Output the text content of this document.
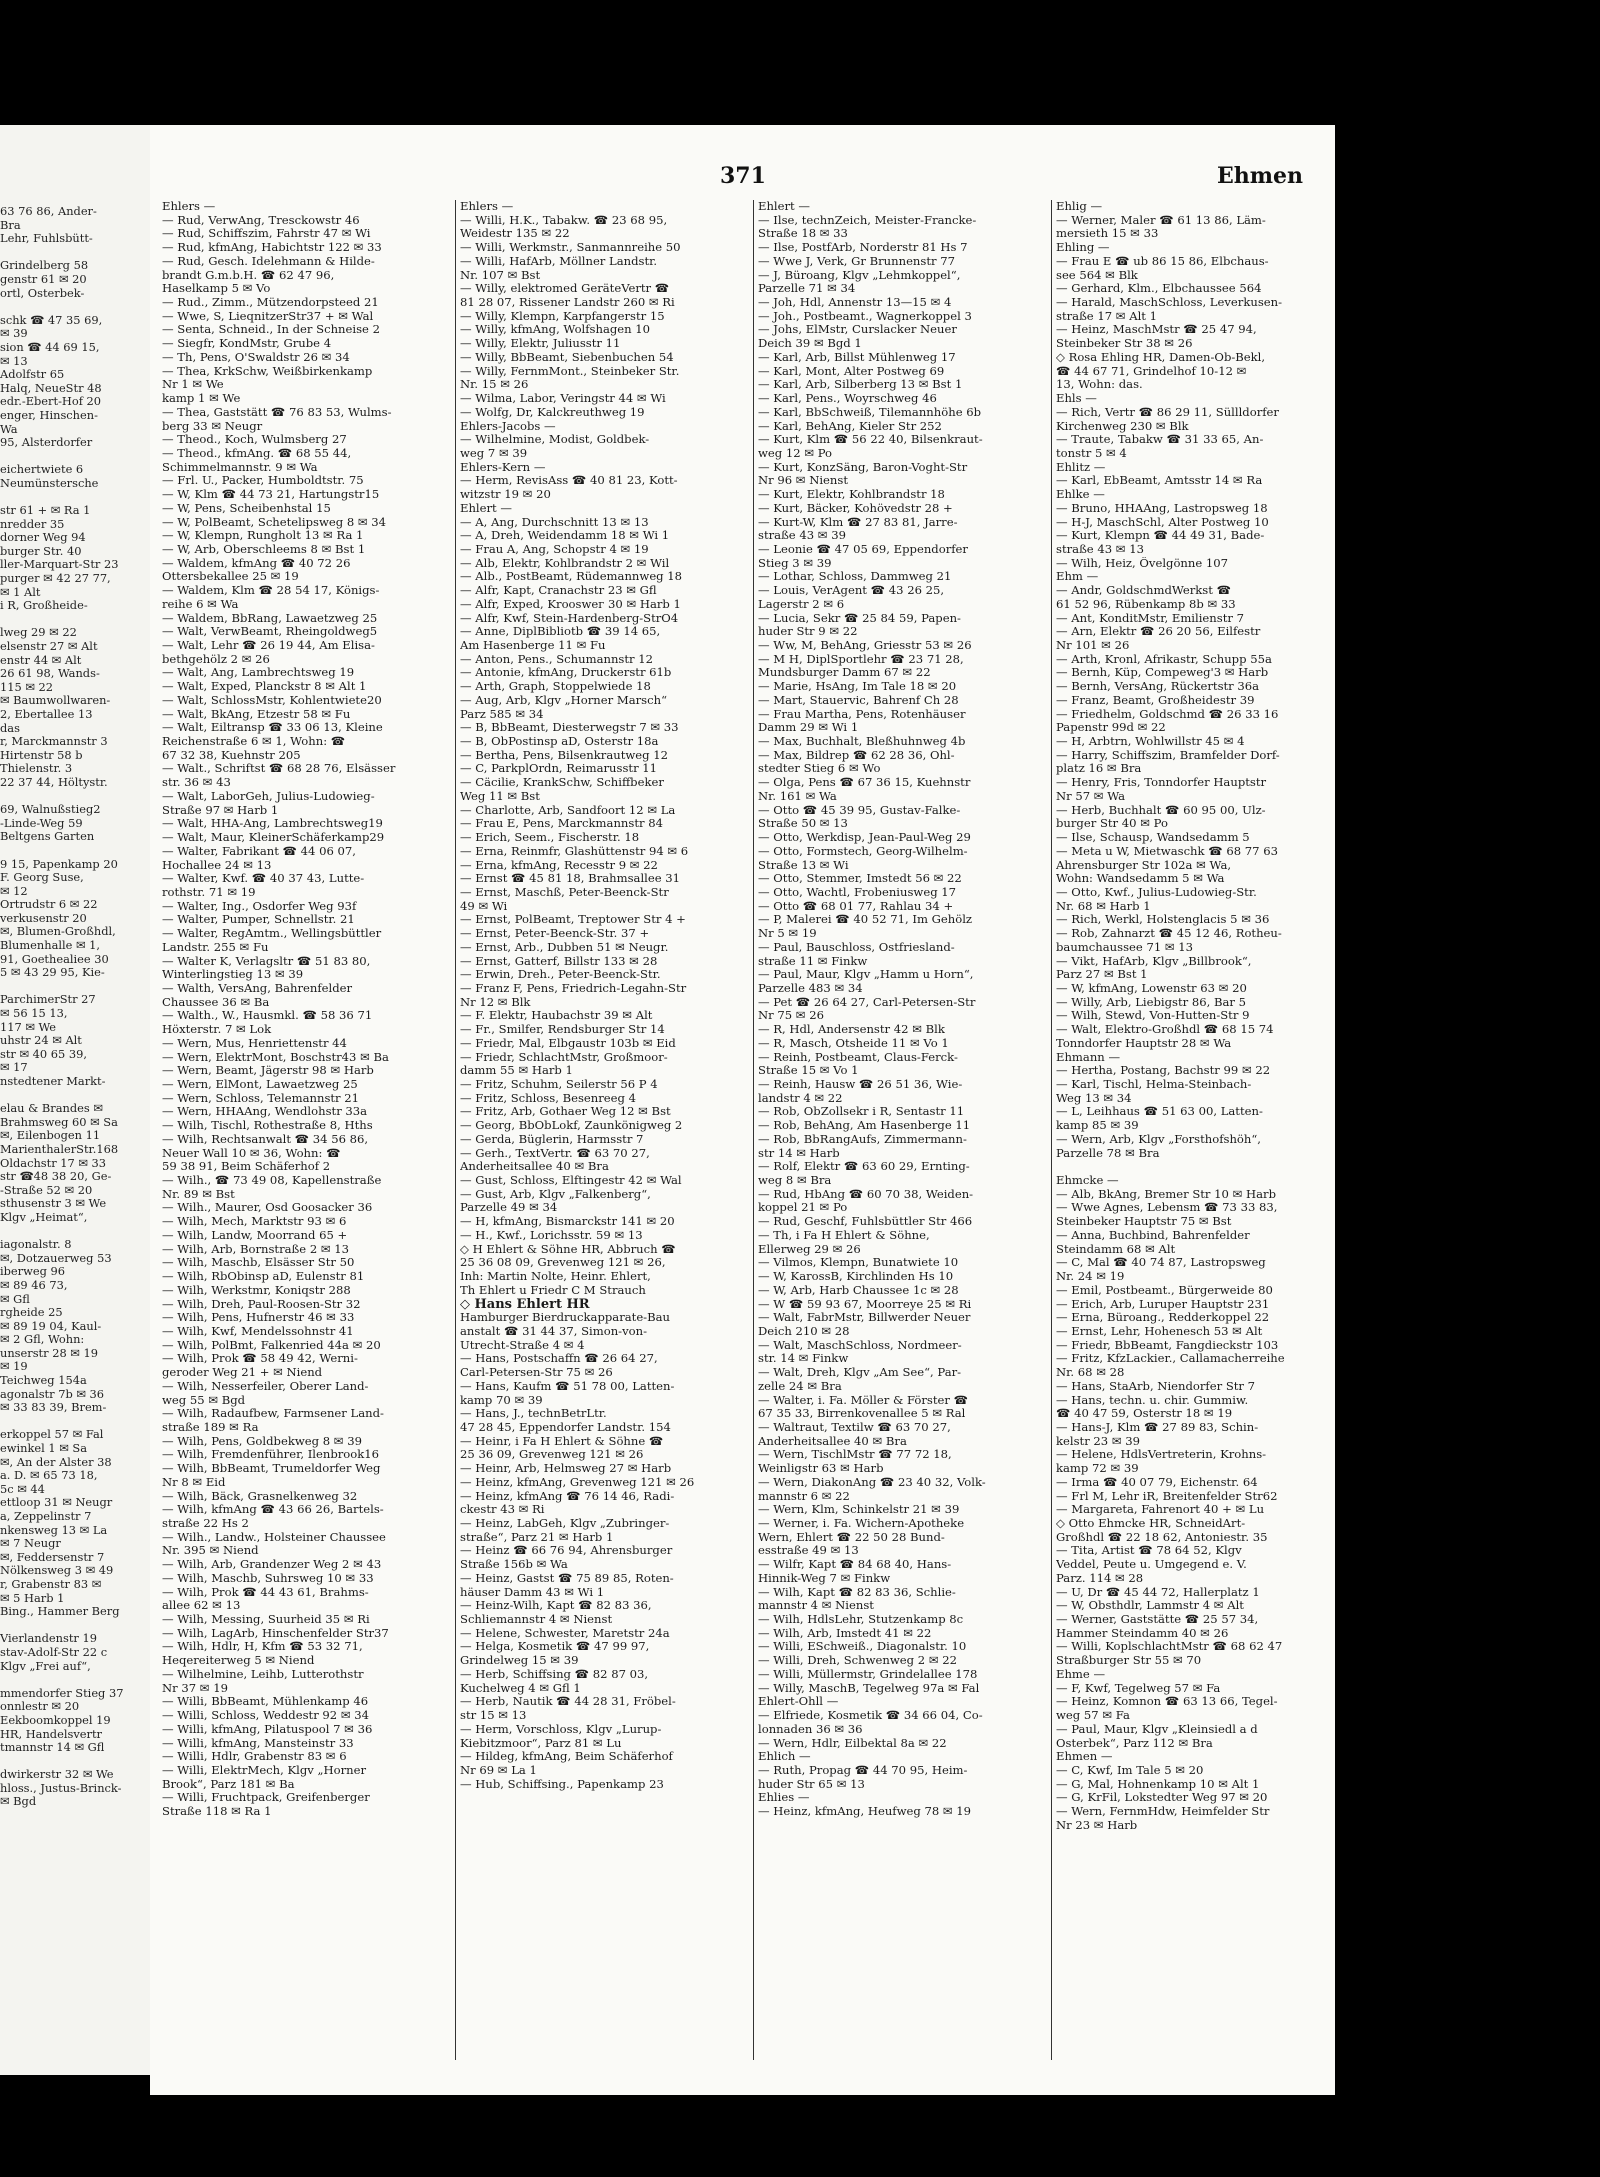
63 76 86, Ander-
Bra
Lehr, Fuhlsbütt-
Grindelberg 58
genstr 61 ✉ 20
ortl, Osterbek-
schk ☎ 47 35 69,
✉ 39
sion ☎ 44 69 15,
✉ 13
Adolfstr 65
Halq, NeueStr 48
edr.-Ebert-Hof 20
enger, Hinschen-
Wa
95, Alsterdorfer
eichertwiete 6
Neumünstersche
str 61 + ✉ Ra 1
nredder 35
dorner Weg 94
burger Str. 40
ller-Marquart-Str 23
purger ✉ 42 27 77,
✉ 1 Alt
i R, Großheide-
lweg 29 ✉ 22
elsenstr 27 ✉ Alt
enstr 44 ✉ Alt
26 61 98, Wands-
115 ✉ 22
✉ Baumwollwaren-
2, Ebertallee 13
das
r, Marckmannstr 3
Hirtenstr 58 b
Thielenstr. 3
22 37 44, Höltystr.
69, Walnußstieg2
-Linde-Weg 59
Beltgens Garten
9 15, Papenkamp 20
F. Georg Suse,
✉ 12
Ortrudstr 6 ✉ 22
verkusenstr 20
✉, Blumen-Großhdl,
Blumenhalle ✉ 1,
91, Goethealiee 30
5 ✉ 43 29 95, Kie-
ParchimerStr 27
✉ 56 15 13,
117 ✉ We
uhstr 24 ✉ Alt
str ✉ 40 65 39,
✉ 17
nstedtener Markt-
elau & Brandes ✉
Brahmsweg 60 ✉ Sa
✉, Eilenbogen 11
MarienthalerStr.168
Oldachstr 17 ✉ 33
str ☎48 38 20, Ge-
-Straße 52 ✉ 20
sthusenstr 3 ✉ We
Klgv „Heimat“,
iagonalstr. 8
✉, Dotzauerweg 53
iberweg 96
✉ 89 46 73,
✉ Gfl
rgheide 25
✉ 89 19 04, Kaul-
✉ 2 Gfl, Wohn:
unserstr 28 ✉ 19
✉ 19
Teichweg 154a
agonalstr 7b ✉ 36
✉ 33 83 39, Brem-
erkoppel 57 ✉ Fal
ewinkel 1 ✉ Sa
✉, An der Alster 38
a. D. ✉ 65 73 18,
5c ✉ 44
ettloop 31 ✉ Neugr
a, Zeppelinstr 7
nkensweg 13 ✉ La
✉ 7 Neugr
✉, Feddersenstr 7
Nölkensweg 3 ✉ 49
r, Grabenstr 83 ✉
✉ 5 Harb 1
Bing., Hammer Berg
Vierlandenstr 19
stav-Adolf-Str 22 c
Klgv „Frei auf“,
mmendorfer Stieg 37
onnlestr ✉ 20
Eekboomkoppel 19
HR, Handelsvertr
tmannstr 14 ✉ Gfl
dwirkerstr 32 ✉ We
hloss., Justus-Brinck-
✉ Bgd
371	Ehmen
Ehlers —
— Rud, VerwAng, Tresckowstr 46
— Rud, Schiffszim, Fahrstr 47 ✉ Wi
— Rud, kfmAng, Habichtstr 122 ✉ 33
— Rud, Gesch. Idelehmann & Hilde-
brandt G.m.b.H. ☎ 62 47 96,
Haselkamp 5 ✉ Vo
— Rud., Zimm., Mützendorpsteed 21
— Wwe, S, LieqnitzerStr37 + ✉ Wal
— Senta, Schneid., In der Schneise 2
— Siegfr, KondMstr, Grube 4
— Th, Pens, O'Swaldstr 26 ✉ 34
— Thea, KrkSchw, Weißbirkenkamp
Nr 1 ✉ We
kamp 1 ✉ We
— Thea, Gaststätt ☎ 76 83 53, Wulms-
berg 33 ✉ Neugr
— Theod., Koch, Wulmsberg 27
— Theod., kfmAng. ☎ 68 55 44,
Schimmelmannstr. 9 ✉ Wa
— Frl. U., Packer, Humboldtstr. 75
— W, Klm ☎ 44 73 21, Hartungstr15
— W, Pens, Scheibenhstal 15
— W, PolBeamt, Schetelipsweg 8 ✉ 34
— W, Klempn, Rungholt 13 ✉ Ra 1
— W, Arb, Oberschleems 8 ✉ Bst 1
— Waldem, kfmAng ☎ 40 72 26
Ottersbekallee 25 ✉ 19
— Waldem, Klm ☎ 28 54 17, Königs-
reihe 6 ✉ Wa
— Waldem, BbRang, Lawaetzweg 25
— Walt, VerwBeamt, Rheingoldweg5
— Walt, Lehr ☎ 26 19 44, Am Elisa-
bethgehölz 2 ✉ 26
— Walt, Ang, Lambrechtsweg 19
— Walt, Exped, Planckstr 8 ✉ Alt 1
— Walt, SchlossMstr, Kohlentwiete20
— Walt, BkAng, Etzestr 58 ✉ Fu
— Walt, Eiltransp ☎ 33 06 13, Kleine
Reichenstraße 6 ✉ 1, Wohn: ☎
67 32 38, Kuehnstr 205
— Walt., Schriftst ☎ 68 28 76, Elsässer
str. 36 ✉ 43
— Walt, LaborGeh, Julius-Ludowieg-
Straße 97 ✉ Harb 1
— Walt, HHA-Ang, Lambrechtsweg19
— Walt, Maur, KleinerSchäferkamp29
— Walter, Fabrikant ☎ 44 06 07,
Hochallee 24 ✉ 13
— Walter, Kwf. ☎ 40 37 43, Lutte-
rothstr. 71 ✉ 19
— Walter, Ing., Osdorfer Weg 93f
— Walter, Pumper, Schnellstr. 21
— Walter, RegAmtm., Wellingsbüttler
Landstr. 255 ✉ Fu
— Walter K, Verlagsltr ☎ 51 83 80,
Winterlingstieg 13 ✉ 39
— Walth, VersAng, Bahrenfelder
Chaussee 36 ✉ Ba
— Walth., W., Hausmkl. ☎ 58 36 71
Höxterstr. 7 ✉ Lok
— Wern, Mus, Henriettenstr 44
— Wern, ElektrMont, Boschstr43 ✉ Ba
— Wern, Beamt, Jägerstr 98 ✉ Harb
— Wern, ElMont, Lawaetzweg 25
— Wern, Schloss, Telemannstr 21
— Wern, HHAAng, Wendlohstr 33a
— Wilh, Tischl, Rothestraße 8, Hths
— Wilh, Rechtsanwalt ☎ 34 56 86,
Neuer Wall 10 ✉ 36, Wohn: ☎
59 38 91, Beim Schäferhof 2
— Wilh., ☎ 73 49 08, Kapellenstraße
Nr. 89 ✉ Bst
— Wilh., Maurer, Osd Goosacker 36
— Wilh, Mech, Marktstr 93 ✉ 6
— Wilh, Landw, Moorrand 65 +
— Wilh, Arb, Bornstraße 2 ✉ 13
— Wilh, Maschb, Elsässer Str 50
— Wilh, RbObinsp aD, Eulenstr 81
— Wilh, Werkstmr, Koniqstr 288
— Wilh, Dreh, Paul-Roosen-Str 32
— Wilh, Pens, Hufnerstr 46 ✉ 33
— Wilh, Kwf, Mendelssohnstr 41
— Wilh, PolBmt, Falkenried 44a ✉ 20
— Wilh, Prok ☎ 58 49 42, Werni-
geroder Weg 21 + ✉ Niend
— Wilh, Nesserfeiler, Oberer Land-
weg 55 ✉ Bgd
— Wilh, Radaufbew, Farmsener Land-
straße 189 ✉ Ra
— Wilh, Pens, Goldbekweg 8 ✉ 39
— Wilh, Fremdenführer, Ilenbrook16
— Wilh, BbBeamt, Trumeldorfer Weg
Nr 8 ✉ Eid
— Wilh, Bäck, Grasnelkenweg 32
— Wilh, kfmAng ☎ 43 66 26, Bartels-
straße 22 Hs 2
— Wilh., Landw., Holsteiner Chaussee
Nr. 395 ✉ Niend
— Wilh, Arb, Grandenzer Weg 2 ✉ 43
— Wilh, Maschb, Suhrsweg 10 ✉ 33
— Wilh, Prok ☎ 44 43 61, Brahms-
allee 62 ✉ 13
— Wilh, Messing, Suurheid 35 ✉ Ri
— Wilh, LagArb, Hinschenfelder Str37
— Wilh, Hdlr, H, Kfm ☎ 53 32 71,
Heqereiterweg 5 ✉ Niend
— Wilhelmine, Leihb, Lutterothstr
Nr 37 ✉ 19
— Willi, BbBeamt, Mühlenkamp 46
— Willi, Schloss, Weddestr 92 ✉ 34
— Willi, kfmAng, Pilatuspool 7 ✉ 36
— Willi, kfmAng, Mansteinstr 33
— Willi, Hdlr, Grabenstr 83 ✉ 6
— Willi, ElektrMech, Klgv „Horner
Brook“, Parz 181 ✉ Ba
— Willi, Fruchtpack, Greifenberger
Straße 118 ✉ Ra 1
Ehlers —
— Willi, H.K., Tabakw. ☎ 23 68 95,
Weidestr 135 ✉ 22
— Willi, Werkmstr., Sanmannreihe 50
— Willi, HafArb, Möllner Landstr.
Nr. 107 ✉ Bst
— Willy, elektromed GeräteVertr ☎
81 28 07, Rissener Landstr 260 ✉ Ri
— Willy, Klempn, Karpfangerstr 15
— Willy, kfmAng, Wolfshagen 10
— Willy, Elektr, Juliusstr 11
— Willy, BbBeamt, Siebenbuchen 54
— Willy, FernmMont., Steinbeker Str.
Nr. 15 ✉ 26
— Wilma, Labor, Veringstr 44 ✉ Wi
— Wolfg, Dr, Kalckreuthweg 19
Ehlers-Jacobs —
— Wilhelmine, Modist, Goldbek-
weg 7 ✉ 39
Ehlers-Kern —
— Herm, RevisAss ☎ 40 81 23, Kott-
witzstr 19 ✉ 20
Ehlert —
— A, Ang, Durchschnitt 13 ✉ 13
— A, Dreh, Weidendamm 18 ✉ Wi 1
— Frau A, Ang, Schopstr 4 ✉ 19
— Alb, Elektr, Kohlbrandstr 2 ✉ Wil
— Alb., PostBeamt, Rüdemannweg 18
— Alfr, Kapt, Cranachstr 23 ✉ Gfl
— Alfr, Exped, Krooswег 30 ✉ Harb 1
— Alfr, Kwf, Stein-Hardenberg-StrO4
— Anne, DiplBibliotb ☎ 39 14 65,
Am Hasenberge 11 ✉ Fu
— Anton, Pens., Schumannstr 12
— Antonie, kfmAng, Druckerstr 61b
— Arth, Graph, Stoppelwiede 18
— Aug, Arb, Klgv „Horner Marsch“
Parz 585 ✉ 34
— B, BbBeamt, Diesterwegstr 7 ✉ 33
— B, ObPostinsp aD, Osterstr 18a
— Bertha, Pens, Bilsenkrautweg 12
— C, ParkplOrdn, Reimarusstr 11
— Cäcilie, KrankSchw, Schiffbeker
Weg 11 ✉ Bst
— Charlotte, Arb, Sandfoort 12 ✉ La
— Frau E, Pens, Marckmannstr 84
— Erich, Seem., Fischerstr. 18
— Erna, Reinmfr, Glashüttenstr 94 ✉ 6
— Erna, kfmAng, Recesstr 9 ✉ 22
— Ernst ☎ 45 81 18, Brahmsallee 31
— Ernst, Maschß, Peter-Beenck-Str
49 ✉ Wi
— Ernst, PolBeamt, Treptower Str 4 +
— Ernst, Peter-Beenck-Str. 37 +
— Ernst, Arb., Dubben 51 ✉ Neugr.
— Ernst, Gatterf, Billstr 133 ✉ 28
— Erwin, Dreh., Peter-Beenck-Str.
— Franz F, Pens, Friedrich-Legahn-Str
Nr 12 ✉ Blk
— F. Elektr, Haubachstr 39 ✉ Alt
— Fr., Smilfer, Rendsburger Str 14
— Friedr, Mal, Elbgaustr 103b ✉ Eid
— Friedr, SchlachtMstr, Großmoor-
damm 55 ✉ Harb 1
— Fritz, Schuhm, Seilerstr 56 P 4
— Fritz, Schloss, Besenreeg 4
— Fritz, Arb, Gothaer Weg 12 ✉ Bst
— Georg, BbObLokf, Zaunkönigweg 2
— Gerda, Büglerin, Harmsstr 7
— Gerh., TextVertr. ☎ 63 70 27,
Anderheitsallee 40 ✉ Bra
— Gust, Schloss, Elftingestr 42 ✉ Wal
— Gust, Arb, Klgv „Falkenberg“,
Parzelle 49 ✉ 34
— H, kfmAng, Bismarckstr 141 ✉ 20
— H., Kwf., Lorichsstr. 59 ✉ 13
◇ H Ehlert & Söhne HR, Abbruch ☎
25 36 08 09, Grevenweg 121 ✉ 26,
Inh: Martin Nolte, Heinr. Ehlert,
Th Ehlert u Friedr C M Strauch
◇ Hans Ehlert HR
Hamburger Bierdruckapparate-Bau
anstalt ☎ 31 44 37, Simon-von-
Utrecht-Straße 4 ✉ 4
— Hans, Postschaffn ☎ 26 64 27,
Carl-Petersen-Str 75 ✉ 26
— Hans, Kaufm ☎ 51 78 00, Latten-
kamp 70 ✉ 39
— Hans, J., technBetrLtr.
47 28 45, Eppendorfer Landstr. 154
— Heinr, i Fa H Ehlert & Söhne ☎
25 36 09, Grevenweg 121 ✉ 26
— Heinr, Arb, Helmsweg 27 ✉ Harb
— Heinz, kfmAng, Grevenweg 121 ✉ 26
— Heinz, kfmAng ☎ 76 14 46, Radi-
ckestr 43 ✉ Ri
— Heinz, LabGeh, Klgv „Zubringer-
straße“, Parz 21 ✉ Harb 1
— Heinz ☎ 66 76 94, Ahrensburger
Straße 156b ✉ Wa
— Heinz, Gastst ☎ 75 89 85, Roten-
häuser Damm 43 ✉ Wi 1
— Heinz-Wilh, Kapt ☎ 82 83 36,
Schliemannstr 4 ✉ Nienst
— Helene, Schwester, Maretstr 24a
— Helga, Kosmetik ☎ 47 99 97,
Grindelweg 15 ✉ 39
— Herb, Schiffsing ☎ 82 87 03,
Kuchelweg 4 ✉ Gfl 1
— Herb, Nautik ☎ 44 28 31, Fröbel-
str 15 ✉ 13
— Herm, Vorschloss, Klgv „Lurup-
Kiebitzmoor“, Parz 81 ✉ Lu
— Hildeg, kfmAng, Beim Schäferhof
Nr 69 ✉ La 1
— Hub, Schiffsing., Papenkamp 23
Ehlert —
— Ilse, technZeich, Meister-Francke-
Straße 18 ✉ 33
— Ilse, PostfArb, Norderstr 81 Hs 7
— Wwe J, Verk, Gr Brunnenstr 77
— J, Büroang, Klgv „Lehmkoppel“,
Parzelle 71 ✉ 34
— Joh, Hdl, Annenstr 13—15 ✉ 4
— Joh., Postbeamt., Wagnerkoppel 3
— Johs, ElMstr, Curslacker Neuer
Deich 39 ✉ Bgd 1
— Karl, Arb, Billst Mühlenweg 17
— Karl, Mont, Alter Postweg 69
— Karl, Arb, Silberberg 13 ✉ Bst 1
— Karl, Pens., Woyrschweg 46
— Karl, BbSchweiß, Tilemannhöhe 6b
— Karl, BehAng, Kieler Str 252
— Kurt, Klm ☎ 56 22 40, Bilsenkraut-
weg 12 ✉ Po
— Kurt, KonzSäng, Baron-Voght-Str
Nr 96 ✉ Nienst
— Kurt, Elektr, Kohlbrandstr 18
— Kurt, Bäcker, Kohövedstr 28 +
— Kurt-W, Klm ☎ 27 83 81, Jarre-
straße 43 ✉ 39
— Leonie ☎ 47 05 69, Eppendorfer
Stieg 3 ✉ 39
— Lothar, Schloss, Dammweg 21
— Louis, VerAgent ☎ 43 26 25,
Lagerstr 2 ✉ 6
— Lucia, Sekr ☎ 25 84 59, Papen-
huder Str 9 ✉ 22
— Ww, M, BehAng, Griesstr 53 ✉ 26
— M H, DiplSportlehr ☎ 23 71 28,
Mundsburger Damm 67 ✉ 22
— Marie, HsAng, Im Tale 18 ✉ 20
— Mart, Stauervic, Bahrenf Ch 28
— Frau Martha, Pens, Rotenhäuser
Damm 29 ✉ Wi 1
— Max, Buchhalt, Bleßhuhnweg 4b
— Max, Bildrep ☎ 62 28 36, Ohl-
stedter Stieg 6 ✉ Wo
— Olga, Pens ☎ 67 36 15, Kuehnstr
Nr. 161 ✉ Wa
— Otto ☎ 45 39 95, Gustav-Falke-
Straße 50 ✉ 13
— Otto, Werkdisp, Jean-Paul-Weg 29
— Otto, Formstech, Georg-Wilhelm-
Straße 13 ✉ Wi
— Otto, Stemmer, Imstedt 56 ✉ 22
— Otto, Wachtl, Frobeniusweg 17
— Otto ☎ 68 01 77, Rahlau 34 +
— P, Malerei ☎ 40 52 71, Im Gehölz
Nr 5 ✉ 19
— Paul, Bauschloss, Ostfriesland-
straße 11 ✉ Finkw
— Paul, Maur, Klgv „Hamm u Horn“,
Parzelle 483 ✉ 34
— Pet ☎ 26 64 27, Carl-Petersen-Str
Nr 75 ✉ 26
— R, Hdl, Andersenstr 42 ✉ Blk
— R, Masch, Otsheide 11 ✉ Vo 1
— Reinh, Postbeamt, Claus-Ferck-
Straße 15 ✉ Vo 1
— Reinh, Hausw ☎ 26 51 36, Wie-
landstr 4 ✉ 22
— Rob, ObZollsekr i R, Sentastr 11
— Rob, BehAng, Am Hasenberge 11
— Rob, BbRangAufs, Zimmermann-
str 14 ✉ Harb
— Rolf, Elektr ☎ 63 60 29, Ernting-
weg 8 ✉ Bra
— Rud, HbAng ☎ 60 70 38, Weiden-
koppel 21 ✉ Po
— Rud, Geschf, Fuhlsbüttler Str 466
— Th, i Fa H Ehlert & Söhne,
Ellerweg 29 ✉ 26
— Vilmos, Klempn, Bunatwiete 10
— W, KarossB, Kirchlinden Hs 10
— W, Arb, Harb Chaussee 1c ✉ 28
— W ☎ 59 93 67, Moorreye 25 ✉ Ri
— Walt, FabrMstr, Billwerder Neuer
Deich 210 ✉ 28
— Walt, MaschSchloss, Nordmeer-
str. 14 ✉ Finkw
— Walt, Dreh, Klgv „Am See“, Par-
zelle 24 ✉ Bra
— Walter, i. Fa. Möller & Förster ☎
67 35 33, Birrenkovenallee 5 ✉ Ral
— Waltraut, Textilw ☎ 63 70 27,
Anderheitsallee 40 ✉ Bra
— Wern, TischlMstr ☎ 77 72 18,
Weinligstr 63 ✉ Harb
— Wern, DiakonAng ☎ 23 40 32, Volk-
mannstr 6 ✉ 22
— Wern, Klm, Schinkelstr 21 ✉ 39
— Werner, i. Fa. Wichern-Apotheke
Wern, Ehlert ☎ 22 50 28 Bund-
esstraße 49 ✉ 13
— Wilfr, Kapt ☎ 84 68 40, Hans-
Hinnik-Weg 7 ✉ Finkw
— Wilh, Kapt ☎ 82 83 36, Schlie-
mannstr 4 ✉ Nienst
— Wilh, HdlsLehr, Stutzenkamp 8c
— Wilh, Arb, Imstedt 41 ✉ 22
— Willi, ESchweiß., Diagonalstr. 10
— Willi, Dreh, Schwenweg 2 ✉ 22
— Willi, Müllermstr, Grindelallee 178
— Willy, MaschB, Tegelweg 97a ✉ Fal
Ehlert-Ohll —
— Elfriede, Kosmetik ☎ 34 66 04, Co-
lonnaden 36 ✉ 36
— Wern, Hdlr, Eilbektal 8a ✉ 22
Ehlich —
— Ruth, Propag ☎ 44 70 95, Heim-
huder Str 65 ✉ 13
Ehlies —
— Heinz, kfmAng, Heufweg 78 ✉ 19
Ehlig —
— Werner, Maler ☎ 61 13 86, Läm-
mersieth 15 ✉ 33
Ehling —
— Frau E ☎ ub 86 15 86, Elbchaus-
see 564 ✉ Blk
— Gerhard, Klm., Elbchaussee 564
— Harald, MaschSchloss, Leverkusen-
straße 17 ✉ Alt 1
— Heinz, MaschMstr ☎ 25 47 94,
Steinbeker Str 38 ✉ 26
◇ Rosa Ehling HR, Damen-Ob-Bekl,
☎ 44 67 71, Grindelhof 10-12 ✉
13, Wohn: das.
Ehls —
— Rich, Vertr ☎ 86 29 11, Süllldorfer
Kirchenweg 230 ✉ Blk
— Traute, Tabakw ☎ 31 33 65, An-
tonstr 5 ✉ 4
Ehlitz —
— Karl, EbBeamt, Amtsstr 14 ✉ Ra
Ehlke —
— Bruno, HHAAng, Lastropsweg 18
— H-J, MaschSchl, Alter Postweg 10
— Kurt, Klempn ☎ 44 49 31, Bade-
straße 43 ✉ 13
— Wilh, Heiz, Övelgönne 107
Ehm —
— Andr, GoldschmdWerkst ☎
61 52 96, Rübenkamp 8b ✉ 33
— Ant, KonditMstr, Emilienstr 7
— Arn, Elektr ☎ 26 20 56, Eilfestr
Nr 101 ✉ 26
— Arth, Kronl, Afrikastr, Schupp 55a
— Bernh, Küp, Compeweg'3 ✉ Harb
— Bernh, VersAng, Rückertstr 36a
— Franz, Beamt, Großheidestr 39
— Friedhelm, Goldschmd ☎ 26 33 16
Papenstr 99d ✉ 22
— H, Arbtrn, Wohlwillstr 45 ✉ 4
— Harry, Schiffszim, Bramfelder Dorf-
platz 16 ✉ Bra
— Henry, Fris, Tonndorfer Hauptstr
Nr 57 ✉ Wa
— Herb, Buchhalt ☎ 60 95 00, Ulz-
burger Str 40 ✉ Po
— Ilse, Schausp, Wandsedamm 5
— Meta u W, Mietwaschk ☎ 68 77 63
Ahrensburger Str 102a ✉ Wa,
Wohn: Wandsedamm 5 ✉ Wa
— Otto, Kwf., Julius-Ludowieg-Str.
Nr. 68 ✉ Harb 1
— Rich, Werkl, Holstenglacis 5 ✉ 36
— Rob, Zahnarzt ☎ 45 12 46, Rotheu-
baumchaussee 71 ✉ 13
— Vikt, HafArb, Klgv „Billbrook“,
Parz 27 ✉ Bst 1
— W, kfmAng, Lowenstr 63 ✉ 20
— Willy, Arb, Liebigstr 86, Bar 5
— Wilh, Stewd, Von-Hutten-Str 9
— Walt, Elektro-Großhdl ☎ 68 15 74
Tonndorfer Hauptstr 28 ✉ Wa
Ehmann —
— Hertha, Postang, Bachstr 99 ✉ 22
— Karl, Tischl, Helma-Steinbach-
Weg 13 ✉ 34
— L, Leihhaus ☎ 51 63 00, Latten-
kamp 85 ✉ 39
— Wern, Arb, Klgv „Forsthofshöh“,
Parzelle 78 ✉ Bra
Ehmcke —
— Alb, BkAng, Bremer Str 10 ✉ Harb
— Wwe Agnes, Lebensm ☎ 73 33 83,
Steinbeker Hauptstr 75 ✉ Bst
— Anna, Buchbind, Bahrenfelder
Steindamm 68 ✉ Alt
— C, Mal ☎ 40 74 87, Lastropsweg
Nr. 24 ✉ 19
— Emil, Postbeamt., Bürgerweide 80
— Erich, Arb, Luruper Hauptstr 231
— Erna, Büroang., Redderkoppel 22
— Ernst, Lehr, Hohenesch 53 ✉ Alt
— Friedr, BbBeamt, Fangdieckstr 103
— Fritz, KfzLackier., Callamacherreihe
Nr. 68 ✉ 28
— Hans, StaArb, Niendorfer Str 7
— Hans, techn. u. chir. Gummiw.
☎ 40 47 59, Osterstr 18 ✉ 19
— Hans-J, Klm ☎ 27 89 83, Schin-
kelstr 23 ✉ 39
— Helene, HdlsVertreterin, Krohns-
kamp 72 ✉ 39
— Irma ☎ 40 07 79, Eichenstr. 64
— Frl M, Lehr iR, Breitenfelder Str62
— Margareta, Fahrenort 40 + ✉ Lu
◇ Otto Ehmcke HR, SchneidArt-
Großhdl ☎ 22 18 62, Antoniestr. 35
— Tita, Artist ☎ 78 64 52, Klgv
Veddel, Peute u. Umgegend e. V.
Parz. 114 ✉ 28
— U, Dr ☎ 45 44 72, Hallerplatz 1
— W, Obsthdlr, Lammstr 4 ✉ Alt
— Werner, Gaststätte ☎ 25 57 34,
Hammer Steindamm 40 ✉ 26
— Willi, KoplschlachtMstr ☎ 68 62 47
Straßburger Str 55 ✉ 70
Ehme —
— F, Kwf, Tegelweg 57 ✉ Fa
— Heinz, Komnon ☎ 63 13 66, Tegel-
weg 57 ✉ Fa
— Paul, Maur, Klgv „Kleinsiedl a d
Osterbek“, Parz 112 ✉ Bra
Ehmen —
— C, Kwf, Im Tale 5 ✉ 20
— G, Mal, Hohnenkamp 10 ✉ Alt 1
— G, KrFil, Lokstedter Weg 97 ✉ 20
— Wern, FernmHdw, Heimfelder Str
Nr 23 ✉ Harb
